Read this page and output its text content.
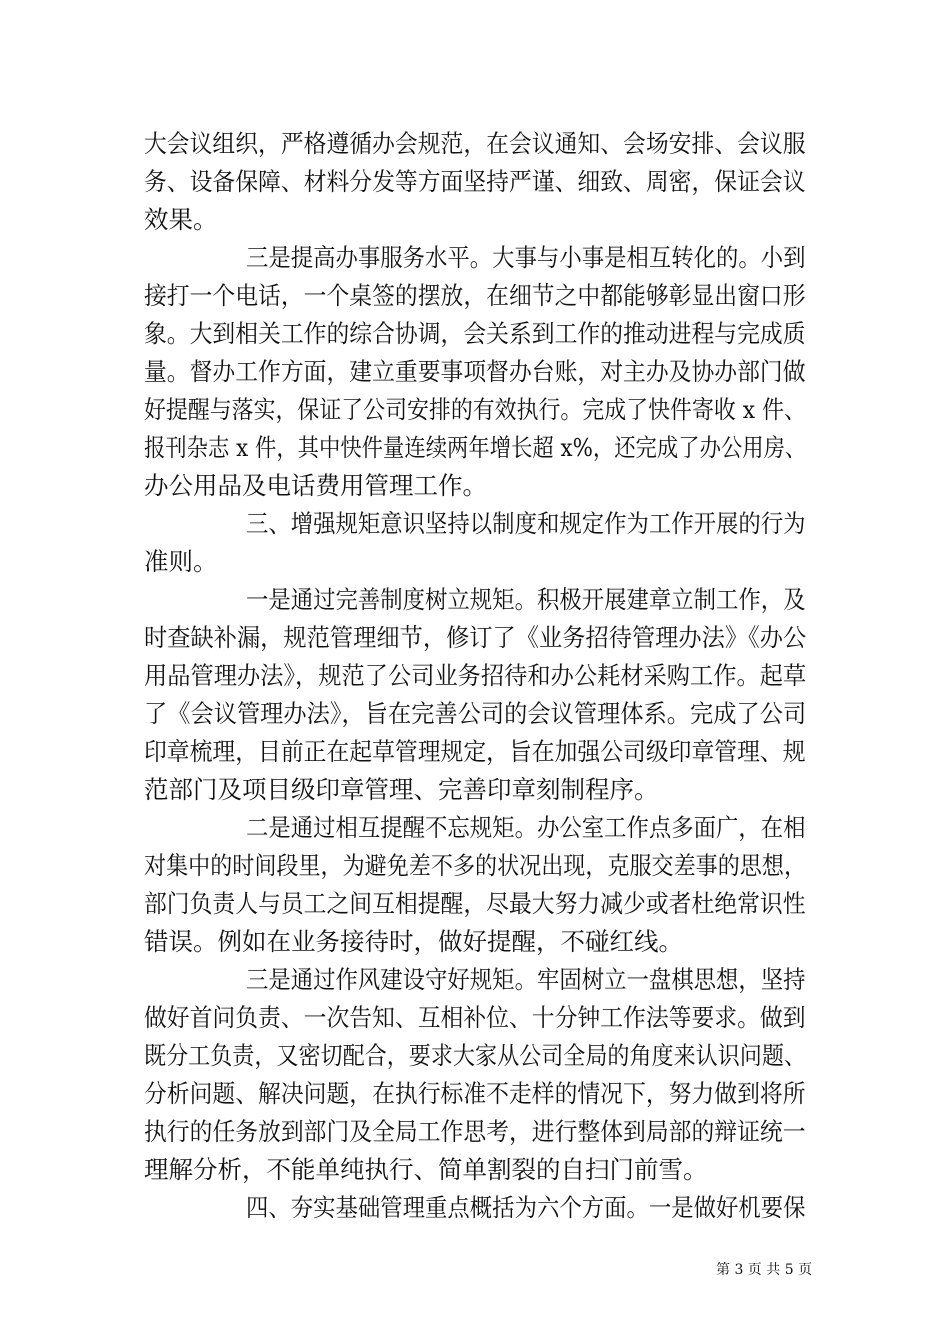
大会议组织，严格遵循办会规范，在会议通知、会场安排、会议服
务、设备保障、材料分发等方面坚持严谨、细致、周密，保证会议
效果。
三是提高办事服务水平。大事与小事是相互转化的。小到
接打一个电话，一个桌签的摆放，在细节之中都能够彰显出窗口形
象。大到相关工作的综合协调，会关系到工作的推动进程与完成质
量。督办工作方面，建立重要事项督办台账，对主办及协办部门做
好提醒与落实，保证了公司安排的有效执行。完成了快件寄收 x 件、
报刊杂志 x 件，其中快件量连续两年增长超 x%，还完成了办公用房、
办公用品及电话费用管理工作。
三、增强规矩意识坚持以制度和规定作为工作开展的行为
准则。
一是通过完善制度树立规矩。积极开展建章立制工作，及
时查缺补漏，规范管理细节，修订了《业务招待管理办法》《办公
用品管理办法》，规范了公司业务招待和办公耗材采购工作。起草
了《会议管理办法》，旨在完善公司的会议管理体系。完成了公司
印章梳理，目前正在起草管理规定，旨在加强公司级印章管理、规
范部门及项目级印章管理、完善印章刻制程序。
二是通过相互提醒不忘规矩。办公室工作点多面广，在相
对集中的时间段里，为避免差不多的状况出现，克服交差事的思想，
部门负责人与员工之间互相提醒，尽最大努力减少或者杜绝常识性
错误。例如在业务接待时，做好提醒，不碰红线。
三是通过作风建设守好规矩。牢固树立一盘棋思想，坚持
做好首问负责、一次告知、互相补位、十分钟工作法等要求。做到
既分工负责，又密切配合，要求大家从公司全局的角度来认识问题、
分析问题、解决问题，在执行标准不走样的情况下，努力做到将所
执行的任务放到部门及全局工作思考，进行整体到局部的辩证统一
理解分析，不能单纯执行、简单割裂的自扫门前雪。
四、夯实基础管理重点概括为六个方面。一是做好机要保
第 3 页 共 5 页
